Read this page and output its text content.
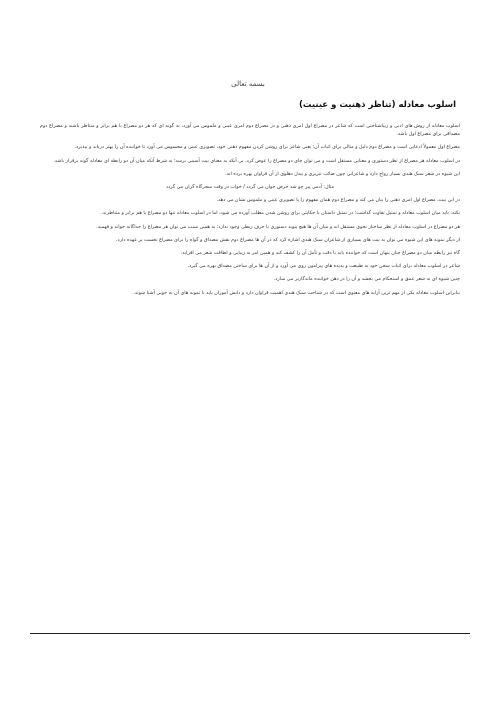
بسمه تعالی
اسلوب معادله (تناظر ذهنیت و عینیت)

اسلوب معادله از روش های ادبی و زیباشناختی است که شاعر در مصراع اول امری ذهنی و در مصراع دوم امری عینی و ملموس می آورد، به گونه ای که هر دو مصراع با هم برابر و متناظر باشند و مصراع دوم مصداقی برای مصراع اول باشد.

مصراع اول معمولاً ادعایی است و مصراع دوم دلیل و مثالی برای اثبات آن؛ یعنی شاعر برای روشن کردن مفهوم ذهنی خود، تصویری عینی و محسوس می آورد تا خواننده آن را بهتر دریابد و بپذیرد.

در اسلوب معادله هر مصراع از نظر دستوری و معنایی مستقل است و می توان جای دو مصراع را عوض کرد، بی آنکه به معنای بیت آسیبی برسد؛ به شرط آنکه میان آن دو رابطه ای معادله گونه برقرار باشد.

این شیوه در شعر سبک هندی بسیار رواج دارد و شاعرانی چون صائب تبریزی و بیدل دهلوی از آن فراوان بهره برده اند.

مثال: آدمی پیر چو شد حرص جوان می گردد / خواب در وقت سحرگاه گران می گردد

در این بیت، مصراع اول امری ذهنی را بیان می کند و مصراع دوم همان مفهوم را با تصویری عینی و ملموس نشان می دهد.

نکته: باید میان اسلوب معادله و تمثیل تفاوت گذاشت؛ در تمثیل داستان یا حکایتی برای روشن شدن مطلب آورده می شود، اما در اسلوب معادله تنها دو مصراع با هم برابر و متناظرند.

هر دو مصراع در اسلوب معادله از نظر ساختار نحوی مستقل اند و میان آن ها هیچ پیوند دستوری یا حرف ربطی وجود ندارد؛ به همین سبب می توان هر مصراع را جداگانه خواند و فهمید.

از دیگر نمونه های این شیوه می توان به بیت های بسیاری از شاعران سبک هندی اشاره کرد که در آن ها مصراع دوم نقش مصداق و گواه را برای مصراع نخست بر عهده دارد.

گاه نیز رابطه میان دو مصراع چنان پنهان است که خواننده باید با دقت و تأمل آن را کشف کند و همین امر به زیبایی و لطافت شعر می افزاید.

شاعر در اسلوب معادله برای اثبات سخن خود به طبیعت و پدیده های پیرامون روی می آورد و از آن ها برای ساختن مصداق بهره می گیرد.

چنین شیوه ای به شعر عمق و استحکام می بخشد و آن را در ذهن خواننده ماندگارتر می سازد.

بنابراین اسلوب معادله یکی از مهم ترین آرایه های معنوی است که در شناخت سبک هندی اهمیت فراوان دارد و دانش آموزان باید با نمونه های آن به خوبی آشنا شوند.
